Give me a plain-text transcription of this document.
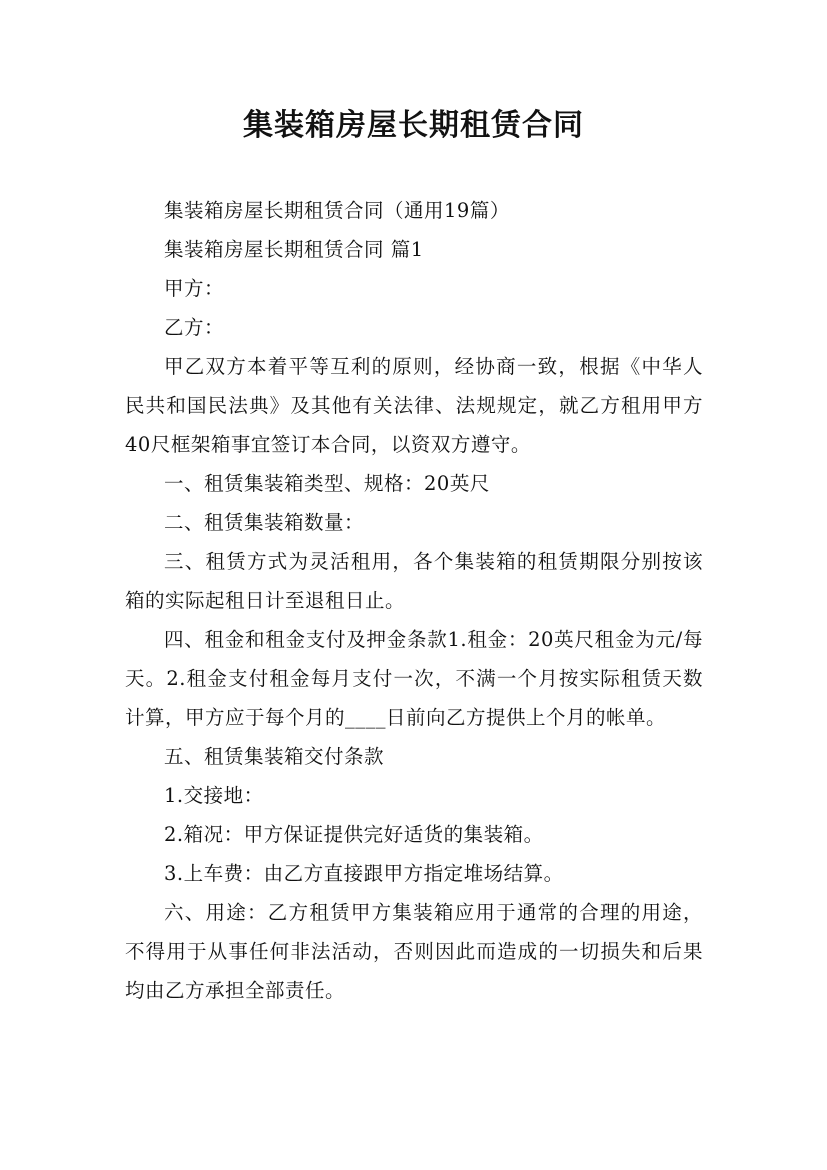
集装箱房屋长期租赁合同

集装箱房屋长期租赁合同（通用19篇）

集装箱房屋长期租赁合同 篇1

甲方：

乙方：

甲乙双方本着平等互利的原则，经协商一致，根据《中华人民共和国民法典》及其他有关法律、法规规定，就乙方租用甲方40尺框架箱事宜签订本合同，以资双方遵守。

一、租赁集装箱类型、规格：20英尺

二、租赁集装箱数量：

三、租赁方式为灵活租用，各个集装箱的租赁期限分别按该箱的实际起租日计至退租日止。

四、租金和租金支付及押金条款1.租金：20英尺租金为元/每天。2.租金支付租金每月支付一次，不满一个月按实际租赁天数计算，甲方应于每个月的____日前向乙方提供上个月的帐单。

五、租赁集装箱交付条款

1.交接地：

2.箱况：甲方保证提供完好适货的集装箱。

3.上车费：由乙方直接跟甲方指定堆场结算。

六、用途：乙方租赁甲方集装箱应用于通常的合理的用途，不得用于从事任何非法活动，否则因此而造成的一切损失和后果均由乙方承担全部责任。
